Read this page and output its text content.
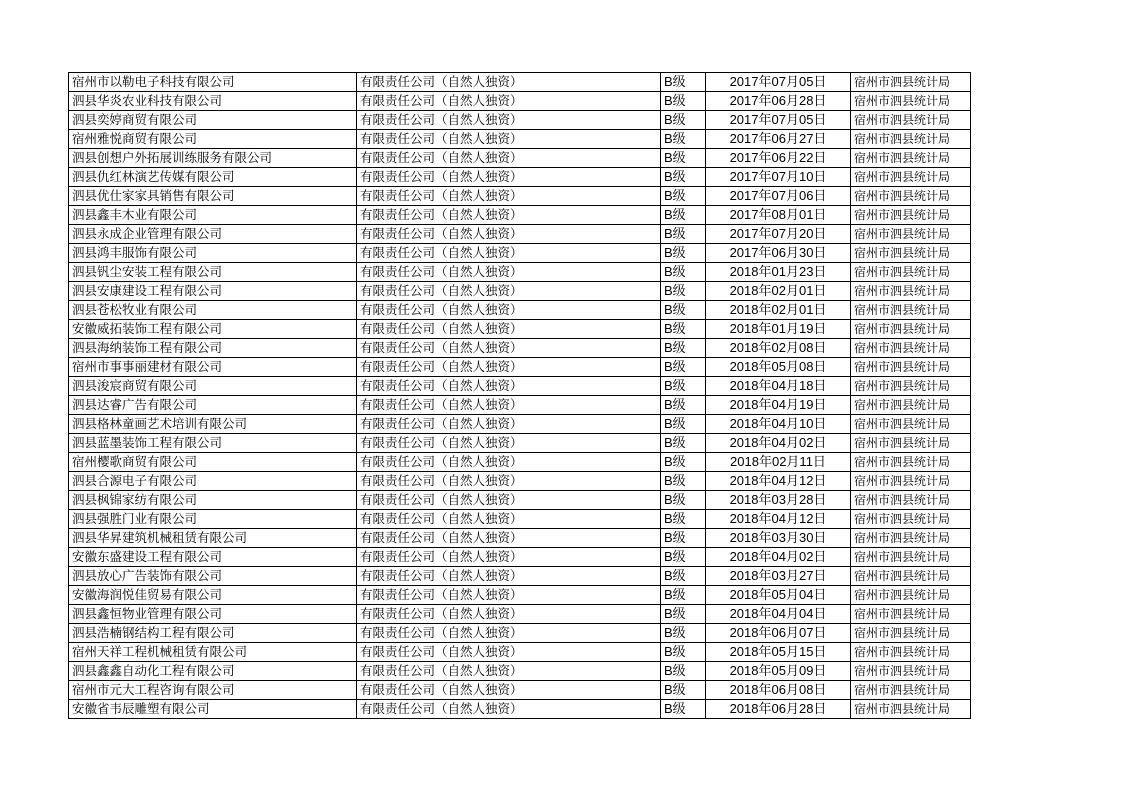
宿州市以勒电子科技有限公司	有限责任公司（自然人独资）	B级	2017年07月05日	宿州市泗县统计局
泗县华炎农业科技有限公司	有限责任公司（自然人独资）	B级	2017年06月28日	宿州市泗县统计局
泗县奕婷商贸有限公司	有限责任公司（自然人独资）	B级	2017年07月05日	宿州市泗县统计局
宿州雅悦商贸有限公司	有限责任公司（自然人独资）	B级	2017年06月27日	宿州市泗县统计局
泗县创想户外拓展训练服务有限公司	有限责任公司（自然人独资）	B级	2017年06月22日	宿州市泗县统计局
泗县仇红林演艺传媒有限公司	有限责任公司（自然人独资）	B级	2017年07月10日	宿州市泗县统计局
泗县优仕家家具销售有限公司	有限责任公司（自然人独资）	B级	2017年07月06日	宿州市泗县统计局
泗县鑫丰木业有限公司	有限责任公司（自然人独资）	B级	2017年08月01日	宿州市泗县统计局
泗县永成企业管理有限公司	有限责任公司（自然人独资）	B级	2017年07月20日	宿州市泗县统计局
泗县鸿丰服饰有限公司	有限责任公司（自然人独资）	B级	2017年06月30日	宿州市泗县统计局
泗县钒尘安装工程有限公司	有限责任公司（自然人独资）	B级	2018年01月23日	宿州市泗县统计局
泗县安康建设工程有限公司	有限责任公司（自然人独资）	B级	2018年02月01日	宿州市泗县统计局
泗县苍松牧业有限公司	有限责任公司（自然人独资）	B级	2018年02月01日	宿州市泗县统计局
安徽威拓装饰工程有限公司	有限责任公司（自然人独资）	B级	2018年01月19日	宿州市泗县统计局
泗县海纳装饰工程有限公司	有限责任公司（自然人独资）	B级	2018年02月08日	宿州市泗县统计局
宿州市事事丽建材有限公司	有限责任公司（自然人独资）	B级	2018年05月08日	宿州市泗县统计局
泗县浚宸商贸有限公司	有限责任公司（自然人独资）	B级	2018年04月18日	宿州市泗县统计局
泗县达睿广告有限公司	有限责任公司（自然人独资）	B级	2018年04月19日	宿州市泗县统计局
泗县格林童画艺术培训有限公司	有限责任公司（自然人独资）	B级	2018年04月10日	宿州市泗县统计局
泗县蓝墨装饰工程有限公司	有限责任公司（自然人独资）	B级	2018年04月02日	宿州市泗县统计局
宿州樱歌商贸有限公司	有限责任公司（自然人独资）	B级	2018年02月11日	宿州市泗县统计局
泗县合源电子有限公司	有限责任公司（自然人独资）	B级	2018年04月12日	宿州市泗县统计局
泗县枫锦家纺有限公司	有限责任公司（自然人独资）	B级	2018年03月28日	宿州市泗县统计局
泗县强胜门业有限公司	有限责任公司（自然人独资）	B级	2018年04月12日	宿州市泗县统计局
泗县华昇建筑机械租赁有限公司	有限责任公司（自然人独资）	B级	2018年03月30日	宿州市泗县统计局
安徽东盛建设工程有限公司	有限责任公司（自然人独资）	B级	2018年04月02日	宿州市泗县统计局
泗县放心广告装饰有限公司	有限责任公司（自然人独资）	B级	2018年03月27日	宿州市泗县统计局
安徽海润悦佳贸易有限公司	有限责任公司（自然人独资）	B级	2018年05月04日	宿州市泗县统计局
泗县鑫恒物业管理有限公司	有限责任公司（自然人独资）	B级	2018年04月04日	宿州市泗县统计局
泗县浩楠钢结构工程有限公司	有限责任公司（自然人独资）	B级	2018年06月07日	宿州市泗县统计局
宿州天祥工程机械租赁有限公司	有限责任公司（自然人独资）	B级	2018年05月15日	宿州市泗县统计局
泗县鑫鑫自动化工程有限公司	有限责任公司（自然人独资）	B级	2018年05月09日	宿州市泗县统计局
宿州市元大工程咨询有限公司	有限责任公司（自然人独资）	B级	2018年06月08日	宿州市泗县统计局
安徽省韦辰雕塑有限公司	有限责任公司（自然人独资）	B级	2018年06月28日	宿州市泗县统计局
